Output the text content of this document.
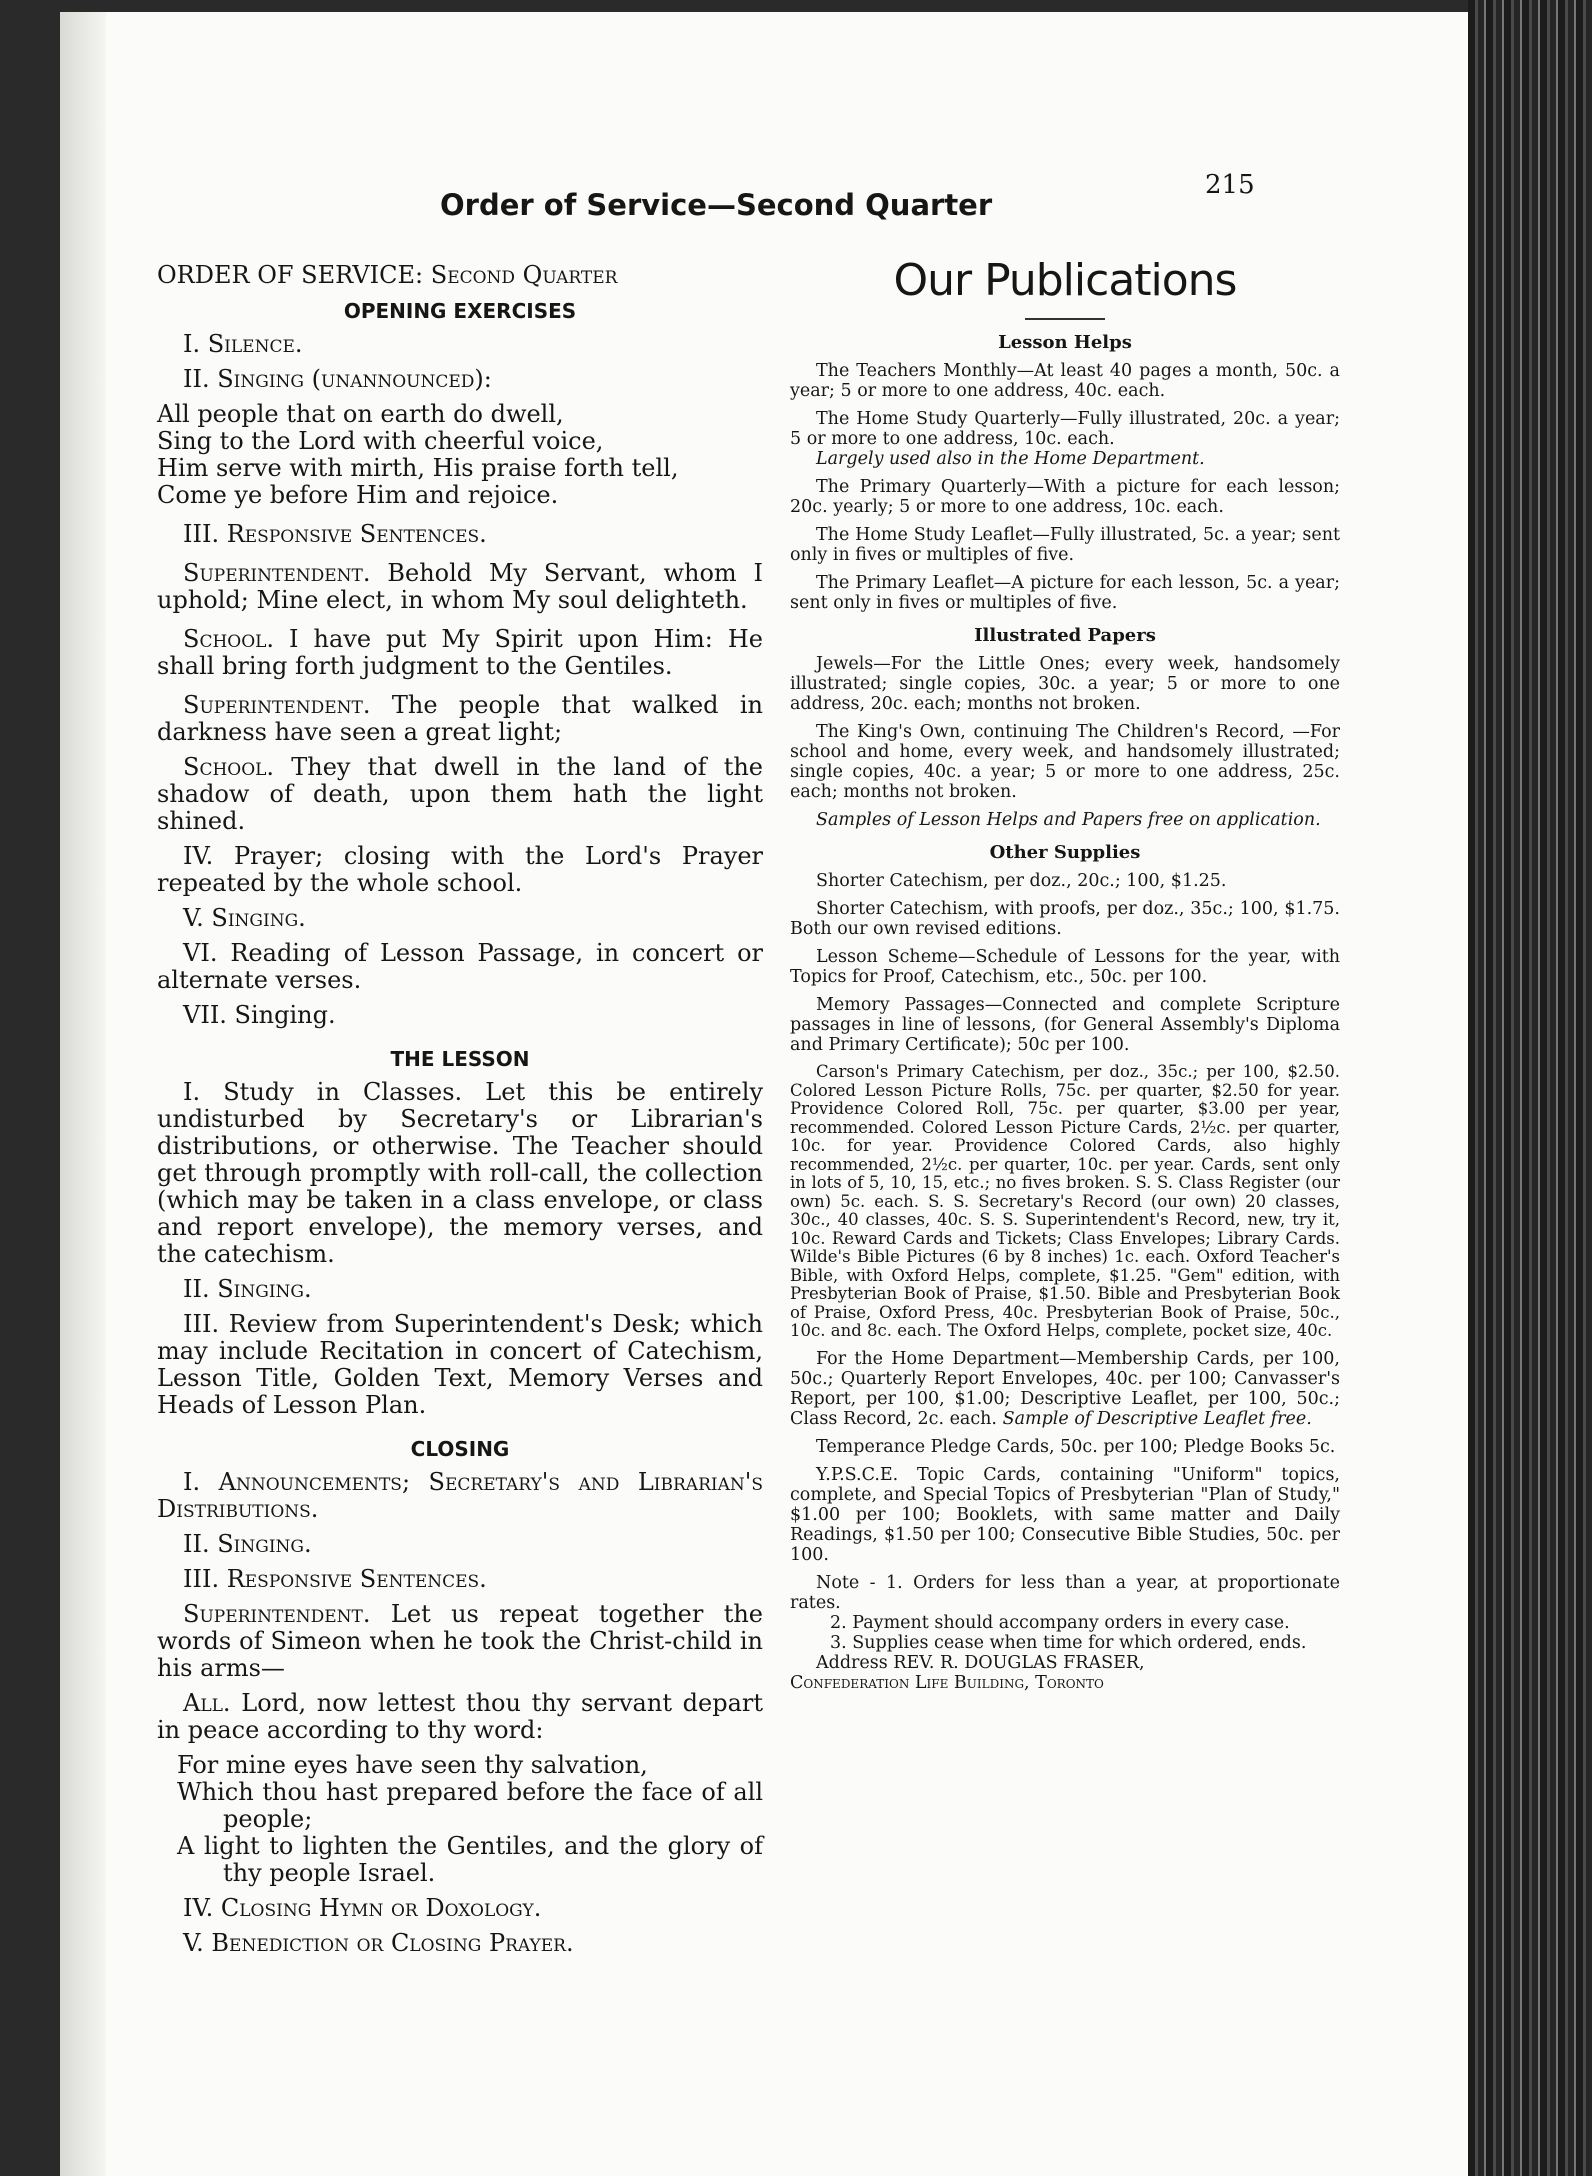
215
Order of Service—Second Quarter

ORDER OF SERVICE: Second Quarter

OPENING EXERCISES

I. Silence.

II. Singing (unannounced):

All people that on earth do dwell,

Sing to the Lord with cheerful voice,

Him serve with mirth, His praise forth tell,

Come ye before Him and rejoice.

III. Responsive Sentences.

Superintendent. Behold My Servant, whom I uphold; Mine elect, in whom My soul delighteth.

School. I have put My Spirit upon Him: He shall bring forth judgment to the Gentiles.

Superintendent. The people that walked in darkness have seen a great light;

School. They that dwell in the land of the shadow of death, upon them hath the light shined.

IV. Prayer; closing with the Lord's Prayer repeated by the whole school.

V. Singing.

VI. Reading of Lesson Passage, in concert or alternate verses.

VII. Singing.

THE LESSON

I. Study in Classes. Let this be entirely undisturbed by Secretary's or Librarian's distributions, or otherwise. The Teacher should get through promptly with roll-call, the collection (which may be taken in a class envelope, or class and report envelope), the memory verses, and the catechism.

II. Singing.

III. Review from Superintendent's Desk; which may include Recitation in concert of Catechism, Lesson Title, Golden Text, Memory Verses and Heads of Lesson Plan.

CLOSING

I. Announcements; Secretary's and Librarian's Distributions.

II. Singing.

III. Responsive Sentences.

Superintendent. Let us repeat together the words of Simeon when he took the Christ-child in his arms—

All. Lord, now lettest thou thy servant depart in peace according to thy word:

For mine eyes have seen thy salvation,

Which thou hast prepared before the face of all people;

A light to lighten the Gentiles, and the glory of thy people Israel.

IV. Closing Hymn or Doxology.

V. Benediction or Closing Prayer.

Our Publications
Lesson Helps

The Teachers Monthly—At least 40 pages a month, 50c. a year; 5 or more to one address, 40c. each.

The Home Study Quarterly—Fully illustrated, 20c. a year; 5 or more to one address, 10c. each.

Largely used also in the Home Department.

The Primary Quarterly—With a picture for each lesson; 20c. yearly; 5 or more to one address, 10c. each.

The Home Study Leaflet—Fully illustrated, 5c. a year; sent only in fives or multiples of five.

The Primary Leaflet—A picture for each lesson, 5c. a year; sent only in fives or multiples of five.

Illustrated Papers

Jewels—For the Little Ones; every week, handsomely illustrated; single copies, 30c. a year; 5 or more to one address, 20c. each; months not broken.

The King's Own, continuing The Children's Record, —For school and home, every week, and handsomely illustrated; single copies, 40c. a year; 5 or more to one address, 25c. each; months not broken.

Samples of Lesson Helps and Papers free on application.

Other Supplies

Shorter Catechism, per doz., 20c.; 100, $1.25.

Shorter Catechism, with proofs, per doz., 35c.; 100, $1.75. Both our own revised editions.

Lesson Scheme—Schedule of Lessons for the year, with Topics for Proof, Catechism, etc., 50c. per 100.

Memory Passages—Connected and complete Scripture passages in line of lessons, (for General Assembly's Diploma and Primary Certificate); 50c per 100.

Carson's Primary Catechism, per doz., 35c.; per 100, $2.50. Colored Lesson Picture Rolls, 75c. per quarter, $2.50 for year. Providence Colored Roll, 75c. per quarter, $3.00 per year, recommended. Colored Lesson Picture Cards, 2½c. per quarter, 10c. for year. Providence Colored Cards, also highly recommended, 2½c. per quarter, 10c. per year. Cards, sent only in lots of 5, 10, 15, etc.; no fives broken. S. S. Class Register (our own) 5c. each. S. S. Secretary's Record (our own) 20 classes, 30c., 40 classes, 40c. S. S. Superintendent's Record, new, try it, 10c. Reward Cards and Tickets; Class Envelopes; Library Cards. Wilde's Bible Pictures (6 by 8 inches) 1c. each. Oxford Teacher's Bible, with Oxford Helps, complete, $1.25. "Gem" edition, with Presbyterian Book of Praise, $1.50. Bible and Presbyterian Book of Praise, Oxford Press, 40c. Presbyterian Book of Praise, 50c., 10c. and 8c. each. The Oxford Helps, complete, pocket size, 40c.

For the Home Department—Membership Cards, per 100, 50c.; Quarterly Report Envelopes, 40c. per 100; Canvasser's Report, per 100, $1.00; Descriptive Leaflet, per 100, 50c.; Class Record, 2c. each. Sample of Descriptive Leaflet free.

Temperance Pledge Cards, 50c. per 100; Pledge Books 5c.

Y.P.S.C.E. Topic Cards, containing "Uniform" topics, complete, and Special Topics of Presbyterian "Plan of Study," $1.00 per 100; Booklets, with same matter and Daily Readings, $1.50 per 100; Consecutive Bible Studies, 50c. per 100.

Note - 1. Orders for less than a year, at proportionate rates.

2. Payment should accompany orders in every case.

3. Supplies cease when time for which ordered, ends.

Address REV. R. DOUGLAS FRASER,

Confederation Life Building, Toronto
